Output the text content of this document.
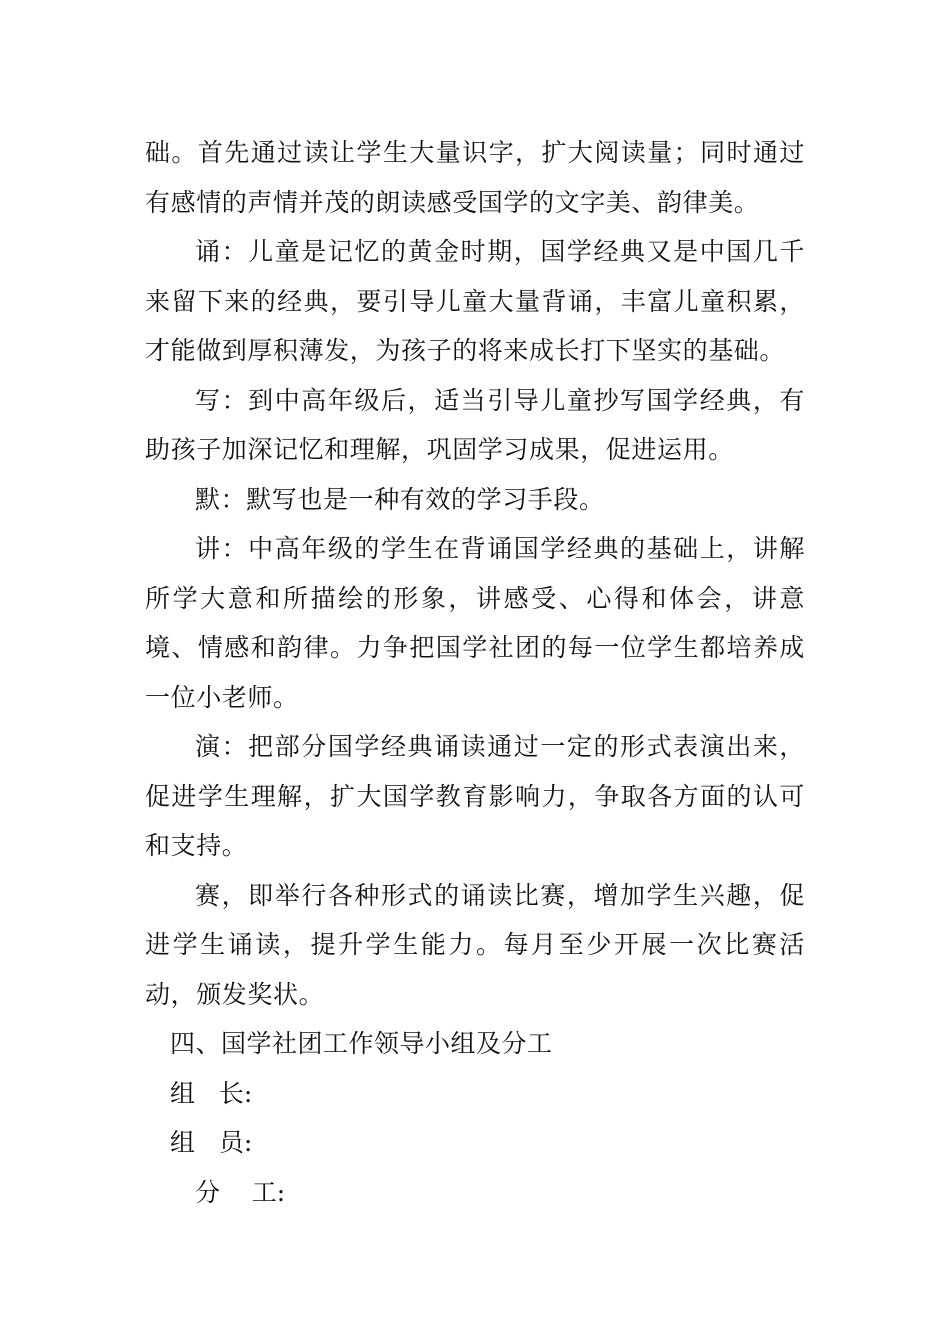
础。首先通过读让学生大量识字，扩大阅读量；同时通过有感情的声情并茂的朗读感受国学的文字美、韵律美。

诵：儿童是记忆的黄金时期，国学经典又是中国几千来留下来的经典，要引导儿童大量背诵，丰富儿童积累，才能做到厚积薄发，为孩子的将来成长打下坚实的基础。

写：到中高年级后，适当引导儿童抄写国学经典，有助孩子加深记忆和理解，巩固学习成果，促进运用。

默：默写也是一种有效的学习手段。

讲：中高年级的学生在背诵国学经典的基础上，讲解所学大意和所描绘的形象，讲感受、心得和体会，讲意境、情感和韵律。力争把国学社团的每一位学生都培养成一位小老师。

演：把部分国学经典诵读通过一定的形式表演出来，促进学生理解，扩大国学教育影响力，争取各方面的认可和支持。

赛，即举行各种形式的诵读比赛，增加学生兴趣，促进学生诵读，提升学生能力。每月至少开展一次比赛活动，颁发奖状。

四、国学社团工作领导小组及分工

组   长:

组   员:

分    工:
